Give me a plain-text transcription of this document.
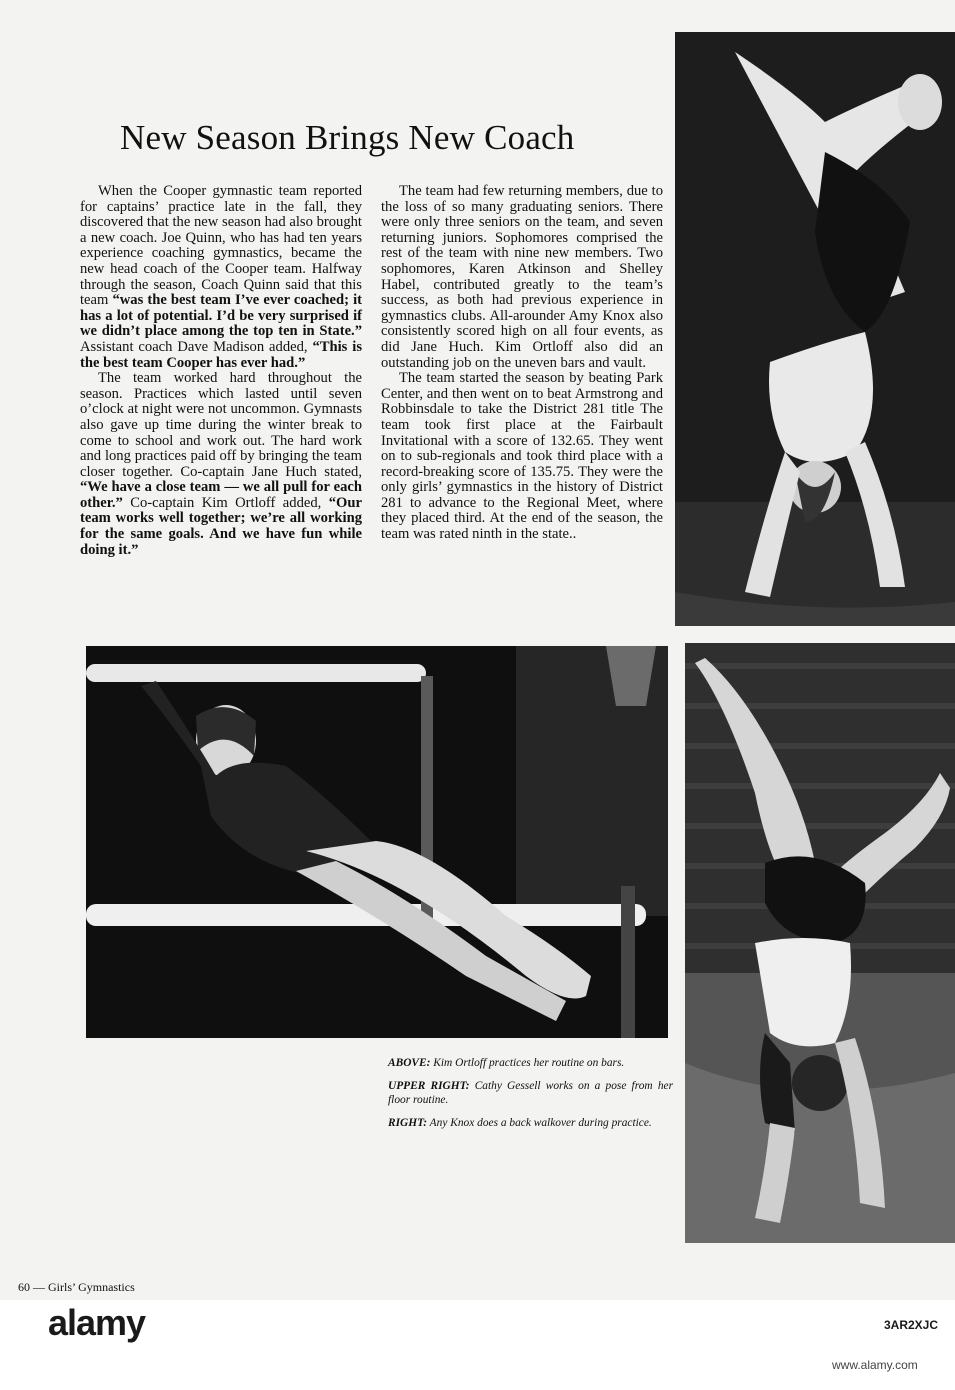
New Season Brings New Coach

When the Cooper gymnastic team reported for captains’ practice late in the fall, they discovered that the new season had also brought a new coach. Joe Quinn, who has had ten years experience coaching gymnastics, became the new head coach of the Cooper team. Halfway through the season, Coach Quinn said that this team “was the best team I’ve ever coached; it has a lot of potential. I’d be very surprised if we didn’t place among the top ten in State.” Assistant coach Dave Madison added, “This is the best team Cooper has ever had.”

The team worked hard throughout the season. Practices which lasted until seven o’clock at night were not uncommon. Gymnasts also gave up time during the winter break to come to school and work out. The hard work and long practices paid off by bringing the team closer together. Co-captain Jane Huch stated, “We have a close team — we all pull for each other.” Co-captain Kim Ortloff added, “Our team works well together; we’re all working for the same goals. And we have fun while doing it.”

The team had few returning members, due to the loss of so many graduating seniors. There were only three seniors on the team, and seven returning juniors. Sophomores comprised the rest of the team with nine new members. Two sophomores, Karen Atkinson and Shelley Habel, contributed greatly to the team’s success, as both had previous experience in gymnastics clubs. All-arounder Amy Knox also consistently scored high on all four events, as did Jane Huch. Kim Ortloff also did an outstanding job on the uneven bars and vault.

The team started the season by beating Park Center, and then went on to beat Armstrong and Robbinsdale to take the District 281 title The team took first place at the Fairbault Invitational with a score of 132.65. They went on to sub-regionals and took third place with a record-breaking score of 135.75. They were the only girls’ gymnastics in the history of District 281 to advance to the Regional Meet, where they placed third. At the end of the season, the team was rated ninth in the state..

ABOVE: Kim Ortloff practices her routine on bars.

UPPER RIGHT: Cathy Gessell works on a pose from her floor routine.

RIGHT: Any Knox does a back walkover during practice.

60 — Girls’ Gymnastics
alamy	3AR2XJC
www.alamy.com
